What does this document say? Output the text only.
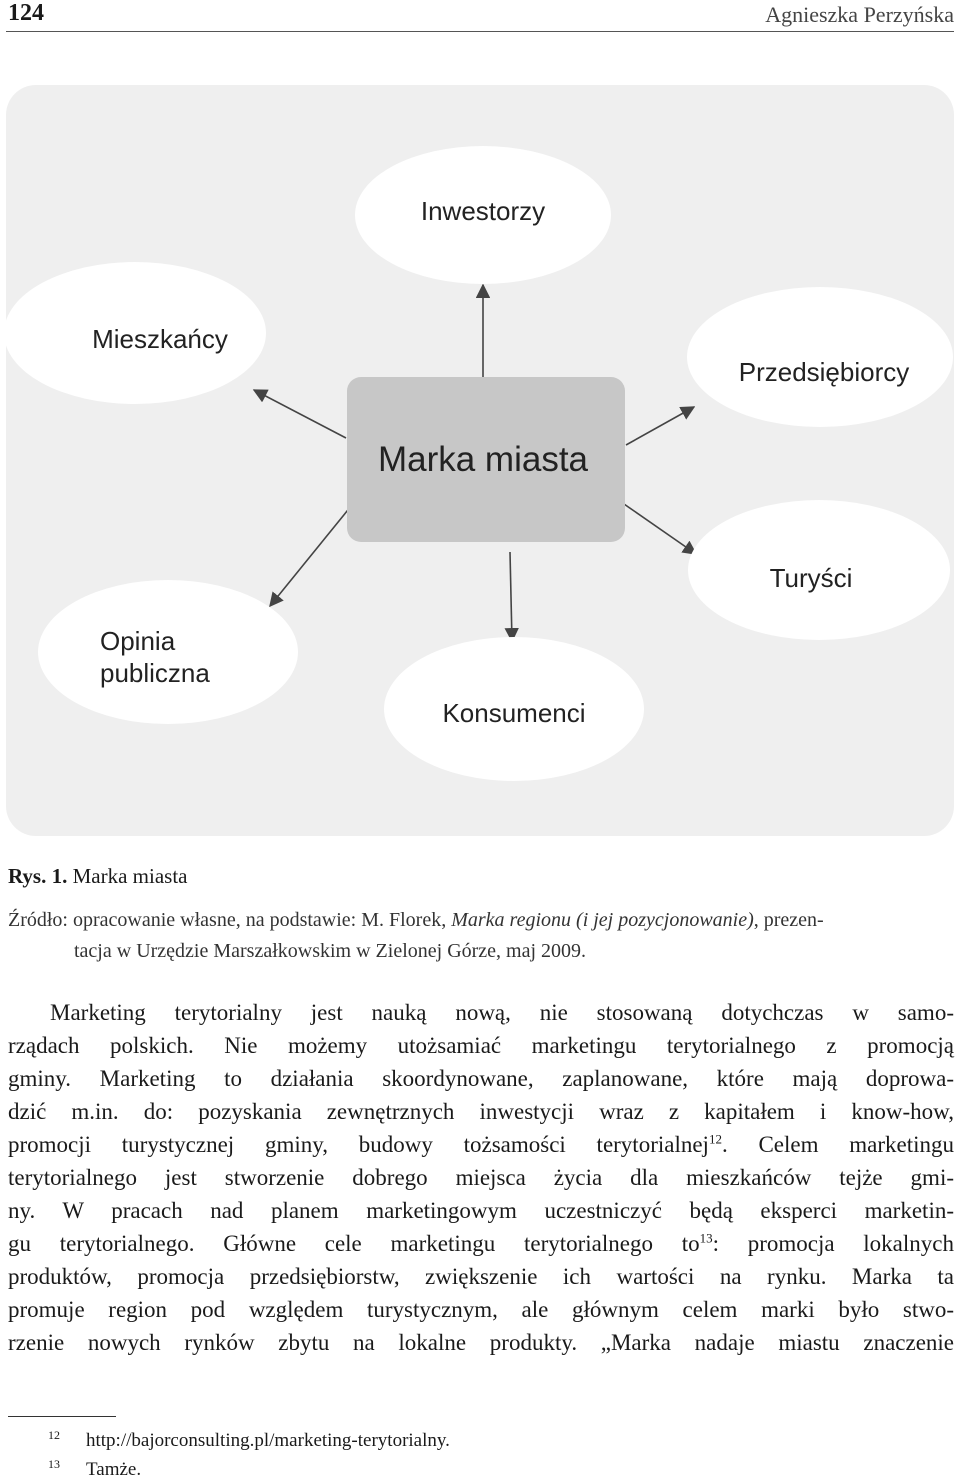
124	Agnieszka Perzyńska
Marka miasta
Inwestorzy
Mieszkańcy
Przedsiębiorcy
Turyści
Opinia
publiczna
Konsumenci
Rys. 1. Marka miasta
Źródło: opracowanie własne, na podstawie: M. Florek, Marka regionu (i jej pozycjonowanie), prezen-
tacja w Urzędzie Marszałkowskim w Zielonej Górze, maj 2009.

Marketing terytorialny jest nauką nową, nie stosowaną dotychczas w samo-
rządach polskich. Nie możemy utożsamiać marketingu terytorialnego z promocją
gminy. Marketing to działania skoordynowane, zaplanowane, które mają doprowa-
dzić m.in. do: pozyskania zewnętrznych inwestycji wraz z kapitałem i know-how,
promocji turystycznej gminy, budowy tożsamości terytorialnej$^{12}$. Celem marketingu
terytorialnego jest stworzenie dobrego miejsca życia dla mieszkańców tejże gmi-
ny. W pracach nad planem marketingowym uczestniczyć będą eksperci marketin-
gu terytorialnego. Główne cele marketingu terytorialnego $to^{13}$: promocja lokalnych
produktów, promocja przedsiębiorstw, zwiększenie ich wartości na rynku. Marka ta
promuje region pod względem turystycznym, ale głównym celem marki było stwo-
rzenie nowych rynków zbytu na lokalne produkty. „Marka nadaje miastu znaczenie

$^{12}$ http://bajorconsulting.pl/marketing-terytorialny.
$^{13}$ Tamże.
